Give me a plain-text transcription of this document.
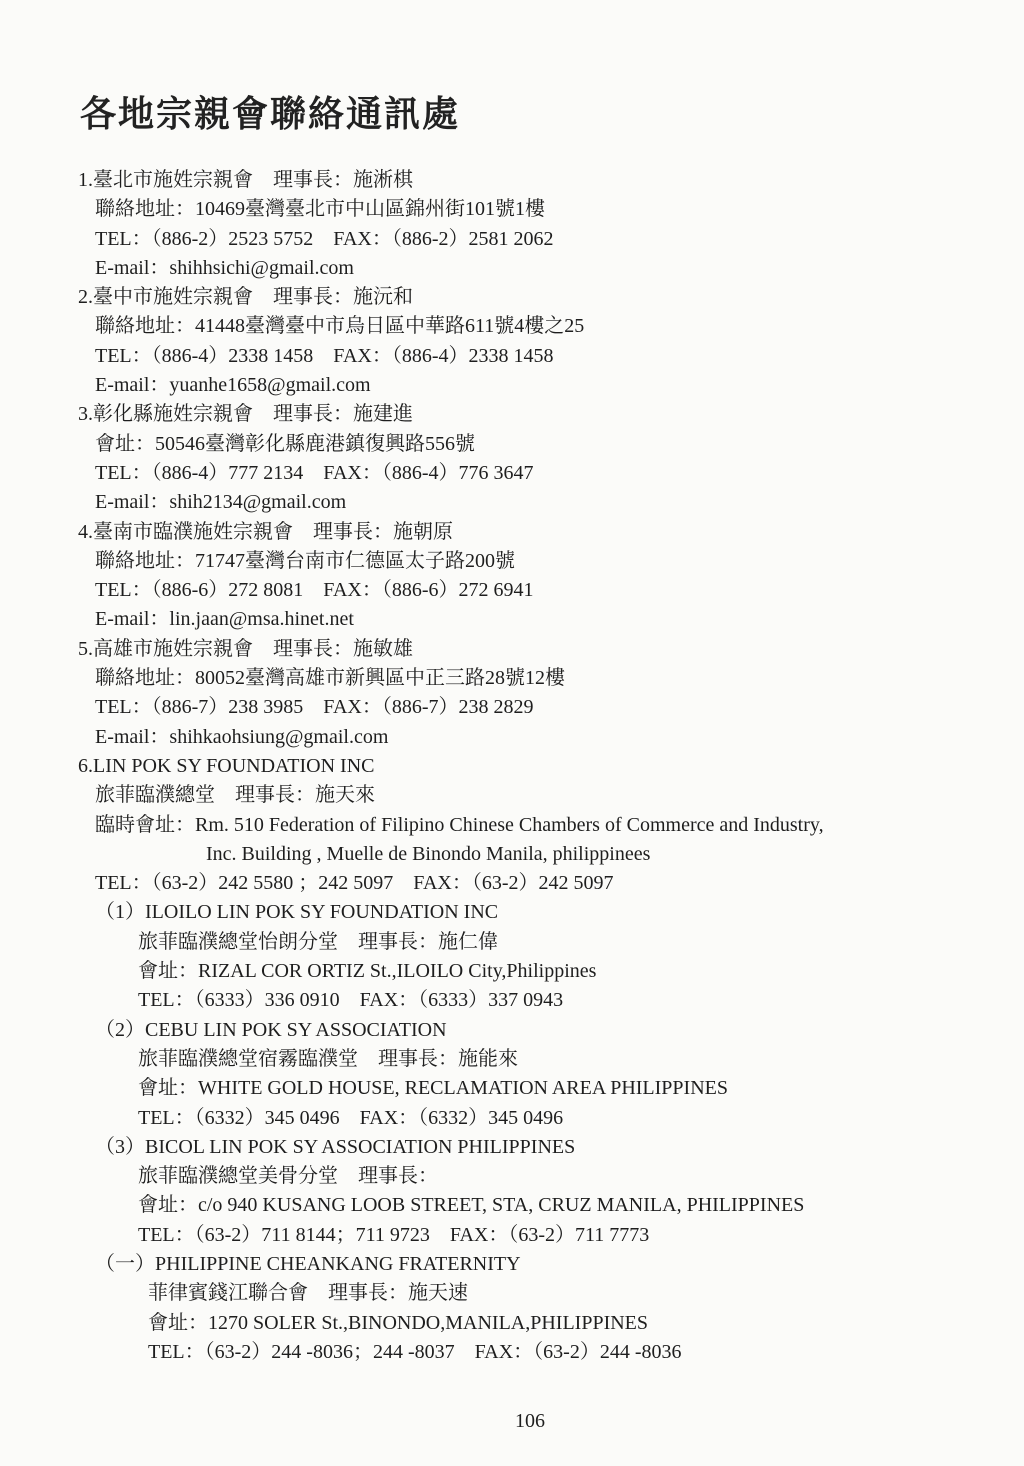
各地宗親會聯絡通訊處
1.臺北市施姓宗親會　理事長：施淅棋
聯絡地址：10469臺灣臺北市中山區錦州街101號1樓
TEL：（886-2）2523 5752　FAX：（886-2）2581 2062
E-mail：shihhsichi@gmail.com
2.臺中市施姓宗親會　理事長：施沅和
聯絡地址：41448臺灣臺中市烏日區中華路611號4樓之25
TEL：（886-4）2338 1458　FAX：（886-4）2338 1458
E-mail：yuanhe1658@gmail.com
3.彰化縣施姓宗親會　理事長：施建進
會址：50546臺灣彰化縣鹿港鎮復興路556號
TEL：（886-4）777 2134　FAX：（886-4）776 3647
E-mail：shih2134@gmail.com
4.臺南市臨濮施姓宗親會　理事長：施朝原
聯絡地址：71747臺灣台南市仁德區太子路200號
TEL：（886-6）272 8081　FAX：（886-6）272 6941
E-mail：lin.jaan@msa.hinet.net
5.高雄市施姓宗親會　理事長：施敏雄
聯絡地址：80052臺灣高雄市新興區中正三路28號12樓
TEL：（886-7）238 3985　FAX：（886-7）238 2829
E-mail：shihkaohsiung@gmail.com
6.LIN POK SY FOUNDATION INC
旅菲臨濮總堂　理事長：施天來
臨時會址：Rm. 510 Federation of Filipino Chinese Chambers of Commerce and Industry,
Inc. Building , Muelle de Binondo Manila, philippinees
TEL：（63-2）242 5580 ；242 5097　FAX：（63-2）242 5097
（1）ILOILO LIN POK SY FOUNDATION INC
旅菲臨濮總堂怡朗分堂　理事長：施仁偉
會址：RIZAL COR ORTIZ St.,ILOILO City,Philippines
TEL：（6333）336 0910　FAX：（6333）337 0943
（2）CEBU LIN POK SY ASSOCIATION
旅菲臨濮總堂宿霧臨濮堂　理事長：施能來
會址：WHITE GOLD HOUSE, RECLAMATION AREA PHILIPPINES
TEL：（6332）345 0496　FAX：（6332）345 0496
（3）BICOL LIN POK SY ASSOCIATION PHILIPPINES
旅菲臨濮總堂美骨分堂　理事長：
會址：c/o 940 KUSANG LOOB STREET, STA, CRUZ MANILA, PHILIPPINES
TEL：（63-2）711 8144；711 9723　FAX：（63-2）711 7773
（一）PHILIPPINE CHEANKANG FRATERNITY
菲律賓錢江聯合會　理事長：施天速
會址：1270 SOLER St.,BINONDO,MANILA,PHILIPPINES
TEL：（63-2）244 -8036；244 -8037　FAX：（63-2）244 -8036
106
